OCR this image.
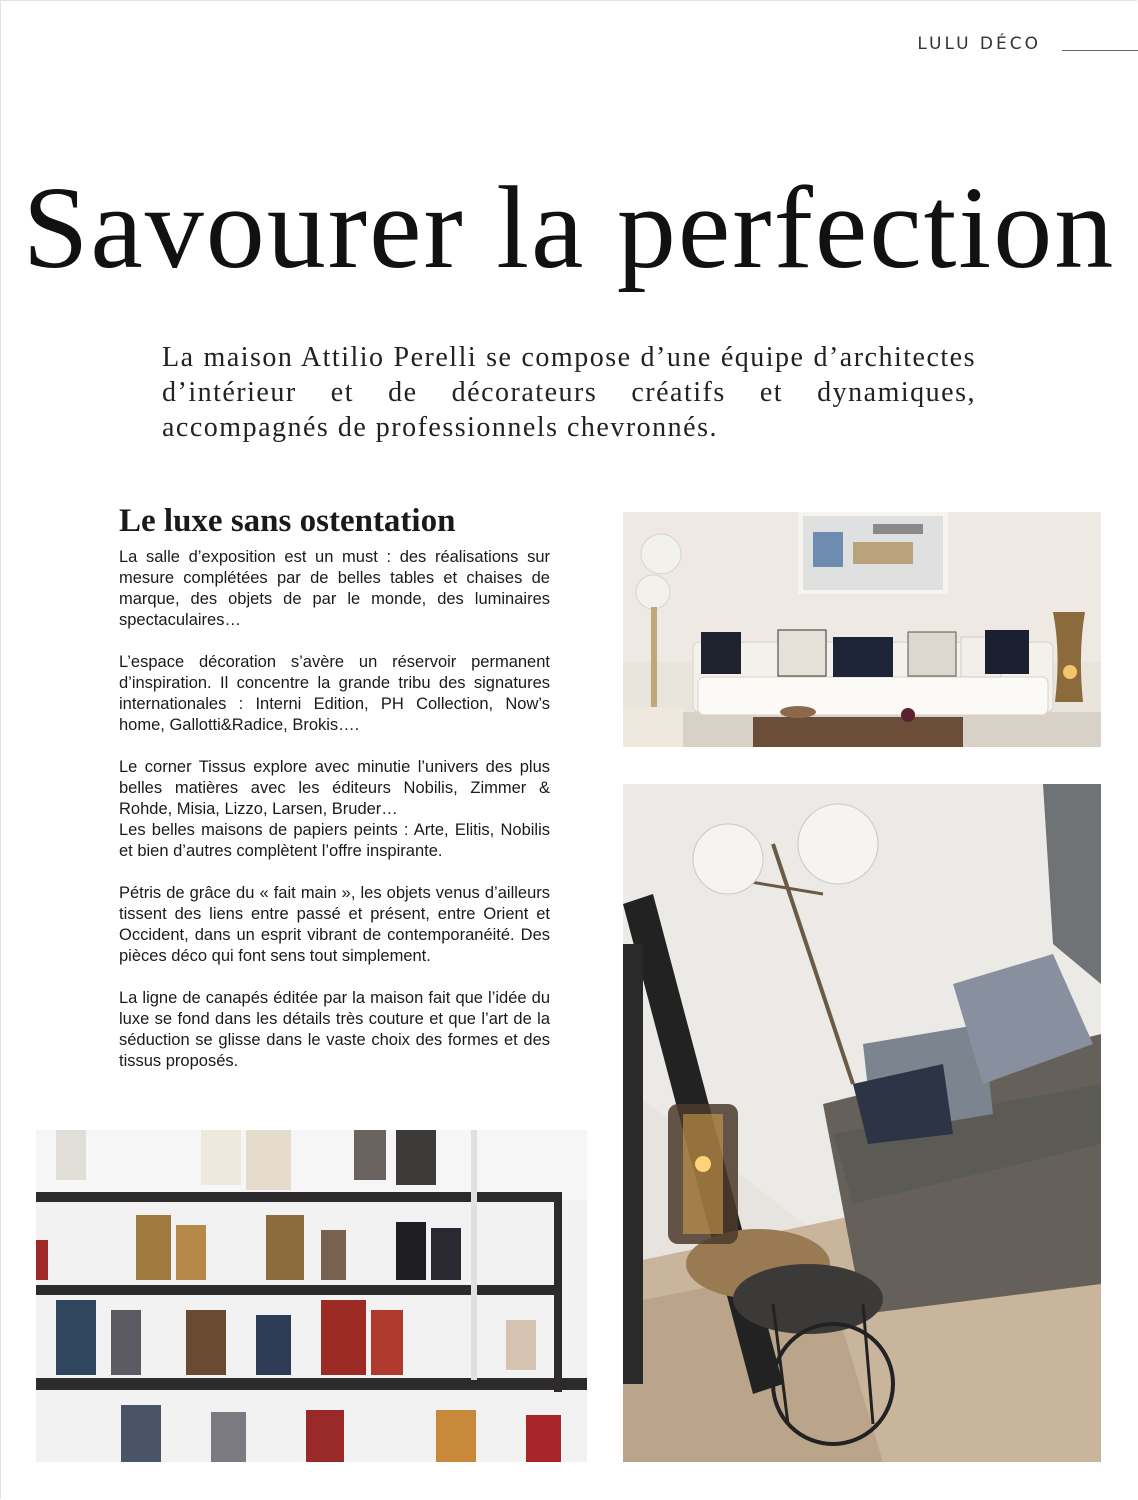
LULU DÉCO
Savourer la perfection
La maison Attilio Perelli se compose d’une équipe d’architectes d’intérieur et de décorateurs créatifs et dynamiques, accompagnés de professionnels chevronnés.
Le luxe sans ostentation

La salle d’exposition est un must : des réalisations sur mesure complétées par de belles tables et chaises de marque, des objets de par le monde, des luminaires spectaculaires…

L’espace décoration s’avère un réservoir permanent d’inspiration. Il concentre la grande tribu des signatures internationales : Interni Edition, PH Collection, Now’s home, Gallotti&Radice, Brokis….

Le corner Tissus explore avec minutie l’univers des plus belles matières avec les éditeurs Nobilis, Zimmer & Rohde, Misia, Lizzo, Larsen, Bruder…

Les belles maisons de papiers peints : Arte, Elitis, Nobilis et bien d’autres complètent l’offre inspirante.

Pétris de grâce du « fait main », les objets venus d’ailleurs tissent des liens entre passé et présent, entre Orient et Occident, dans un esprit vibrant de contemporanéité. Des pièces déco qui font sens tout simplement.

La ligne de canapés éditée par la maison fait que l’idée du luxe se fond dans les détails très couture et que l’art de la séduction se glisse dans le vaste choix des formes et des tissus proposés.
